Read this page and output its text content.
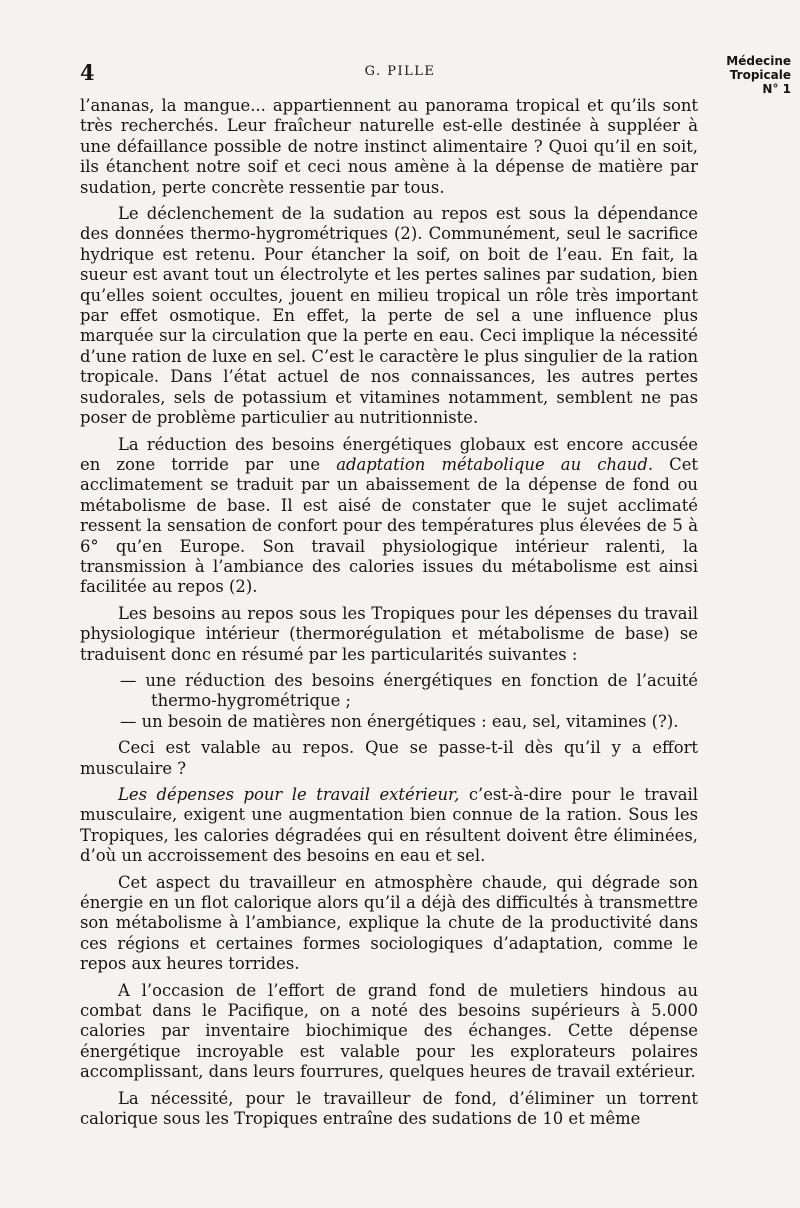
4	G. PILLE
Médecine
Tropicale
N° 1

l’ananas, la mangue... appartiennent au panorama tropical et qu’ils sont très recherchés. Leur fraîcheur naturelle est-elle destinée à suppléer à une défaillance possible de notre instinct alimentaire ? Quoi qu’il en soit, ils étanchent notre soif et ceci nous amène à la dépense de matière par sudation, perte concrète ressentie par tous.

Le déclenchement de la sudation au repos est sous la dépendance des données thermo-hygrométriques (2). Communément, seul le sacrifice hydrique est retenu. Pour étancher la soif, on boit de l’eau. En fait, la sueur est avant tout un électrolyte et les pertes salines par sudation, bien qu’elles soient occultes, jouent en milieu tropical un rôle très important par effet osmotique. En effet, la perte de sel a une influence plus marquée sur la circulation que la perte en eau. Ceci implique la nécessité d’une ration de luxe en sel. C’est le caractère le plus singulier de la ration tropicale. Dans l’état actuel de nos connaissances, les autres pertes sudorales, sels de potassium et vitamines notamment, semblent ne pas poser de problème particulier au nutritionniste.

La réduction des besoins énergétiques globaux est encore accusée en zone torride par une adaptation métabolique au chaud. Cet acclimatement se traduit par un abaissement de la dépense de fond ou métabolisme de base. Il est aisé de constater que le sujet acclimaté ressent la sensation de confort pour des températures plus élevées de 5 à 6° qu’en Europe. Son travail physiologique intérieur ralenti, la transmission à l’ambiance des calories issues du métabolisme est ainsi facilitée au repos (2).

Les besoins au repos sous les Tropiques pour les dépenses du travail physiologique intérieur (thermorégulation et métabolisme de base) se traduisent donc en résumé par les particularités suivantes :

— une réduction des besoins énergétiques en fonction de l’acuité thermo-hygrométrique ;
— un besoin de matières non énergétiques : eau, sel, vitamines (?).

Ceci est valable au repos. Que se passe-t-il dès qu’il y a effort musculaire ?

Les dépenses pour le travail extérieur, c’est-à-dire pour le travail musculaire, exigent une augmentation bien connue de la ration. Sous les Tropiques, les calories dégradées qui en résultent doivent être éliminées, d’où un accroissement des besoins en eau et sel.

Cet aspect du travailleur en atmosphère chaude, qui dégrade son énergie en un flot calorique alors qu’il a déjà des difficultés à transmettre son métabolisme à l’ambiance, explique la chute de la productivité dans ces régions et certaines formes sociologiques d’adaptation, comme le repos aux heures torrides.

A l’occasion de l’effort de grand fond de muletiers hindous au combat dans le Pacifique, on a noté des besoins supérieurs à 5.000 calories par inventaire biochimique des échanges. Cette dépense énergétique incroyable est valable pour les explorateurs polaires accomplissant, dans leurs fourrures, quelques heures de travail extérieur.

La nécessité, pour le travailleur de fond, d’éliminer un torrent calorique sous les Tropiques entraîne des sudations de 10 et même
